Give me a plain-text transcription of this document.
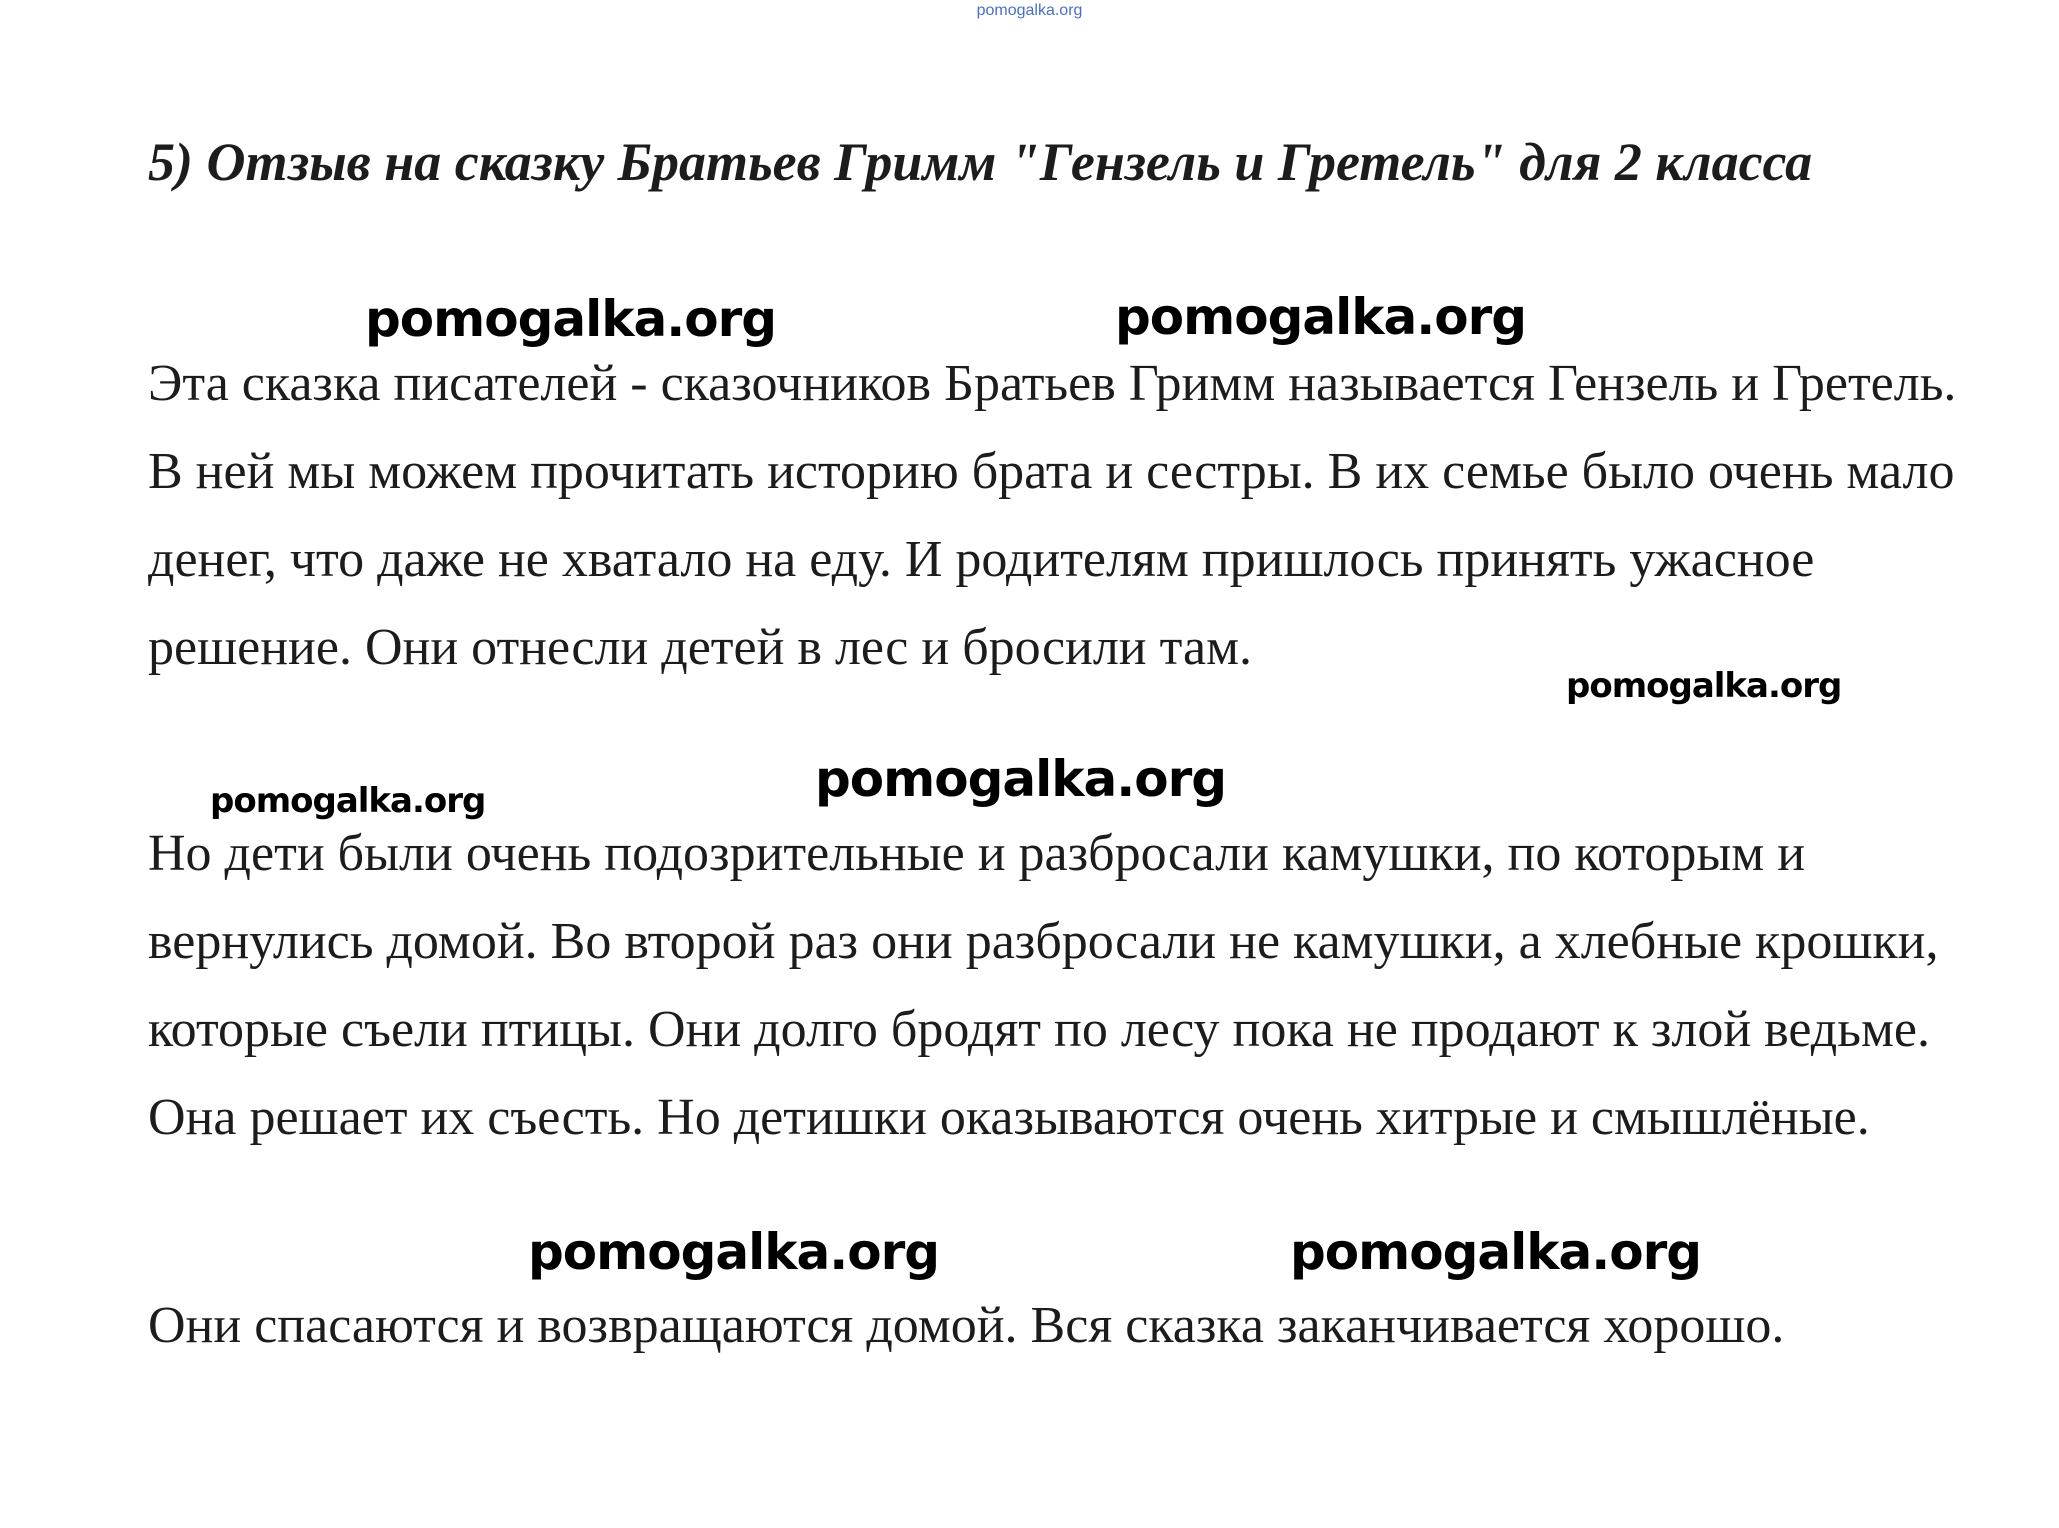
pomogalka.org
5) Отзыв на сказку Братьев Гримм "Гензель и Гретель" для 2 класса

Эта сказка писателей - сказочников Братьев Гримм называется Гензель и Гретель. В ней мы можем прочитать историю брата и сестры. В их семье было очень мало денег, что даже не хватало на еду. И родителям пришлось принять ужасное решение. Они отнесли детей в лес и бросили там.

Но дети были очень подозрительные и разбросали камушки, по которым и вернулись домой. Во второй раз они разбросали не камушки, а хлебные крошки, которые съели птицы. Они долго бродят по лесу пока не продают к злой ведьме. Она решает их съесть. Но детишки оказываются очень хитрые и смышлёные.

Они спасаются и возвращаются домой. Вся сказка заканчивается хорошо.

pomogalka.org	pomogalka.org
pomogalka.org
pomogalka.org
pomogalka.org
pomogalka.org	pomogalka.org
